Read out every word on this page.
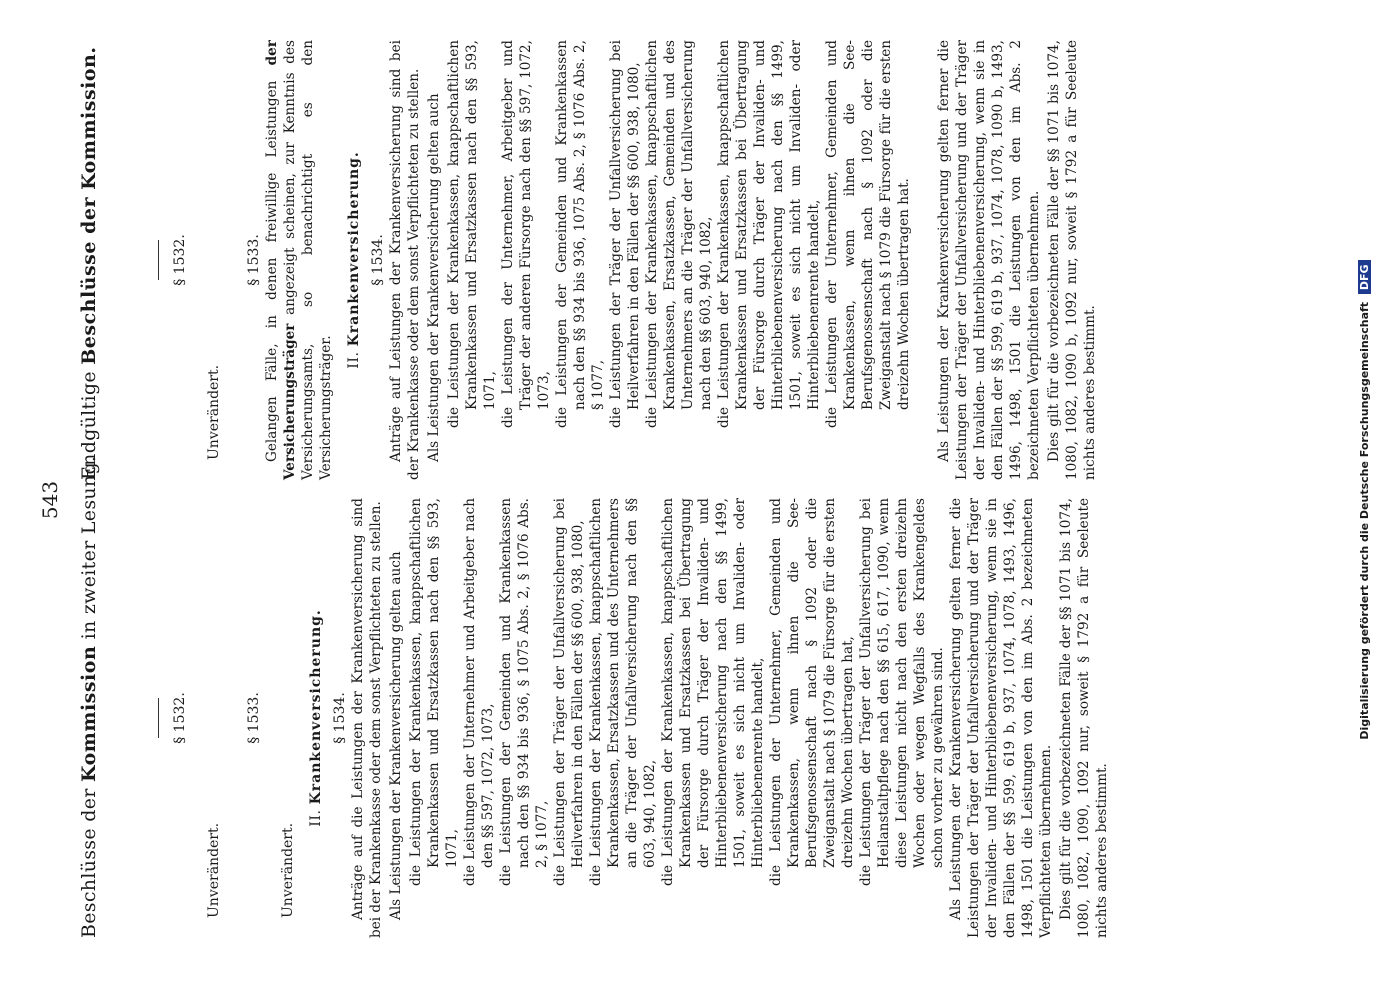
543
Beschlüsse der Kommission in zweiter Lesung.
§ 1532.
Unverändert.
§ 1533.
Unverändert.
II. Krankenversicherung. § 1534. Anträge auf die Leistungen der Krankenversicherung sind bei der Krankenkasse oder dem sonst Verpflichteten zu stellen. Als Leistungen der Krankenversicherung gelten auch die Leistungen der Krankenkassen, knappschaftlichen Krankenkassen und Ersatzkassen nach den §§ 593, 1071, die Leistungen der Unternehmer und Arbeitgeber nach den §§ 597, 1072, 1073, die Leistungen der Gemeinden und Krankenkassen nach den §§ 934 bis 936, § 1075 Abs. 2, § 1076 Abs. 2, § 1077, die Leistungen der Träger der Unfallversicherung bei Heilverfahren in den Fällen der §§ 600, 938, 1080, die Leistungen der Krankenkassen, knappschaftlichen Krankenkassen, Ersatzkassen und des Unternehmers an die Träger der Unfallversicherung nach den §§ 603, 940, 1082, die Leistungen der Krankenkassen, knappschaftlichen Krankenkassen und Ersatzkassen bei Übertragung der Fürsorge durch Träger der Invaliden- und Hinterbliebenenversicherung nach den §§ 1499, 1501, soweit es sich nicht um Invaliden- oder Hinterbliebenenrente handelt, die Leistungen der Unternehmer, Gemeinden und Krankenkassen, wenn ihnen die See-Berufsgenossenschaft nach § 1092 oder die Zweiganstalt nach § 1079 die Fürsorge für die ersten dreizehn Wochen übertragen hat, die Leistungen der Träger der Unfallversicherung bei Heilanstaltpflege nach den §§ 615, 617, 1090, wenn diese Leistungen nicht nach den ersten dreizehn Wochen oder wegen Wegfalls des Krankengeldes schon vorher zu gewähren sind. Als Leistungen der Krankenversicherung gelten ferner die Leistungen der Träger der Unfallversicherung und der Träger der Invaliden- und Hinterbliebenenversicherung, wenn sie in den Fällen der §§ 599, 619 b, 937, 1074, 1078, 1493, 1496, 1498, 1501 die Leistungen von den im Abs. 2 bezeichneten Verpflichteten übernehmen. Dies gilt für die vorbezeichneten Fälle der §§ 1071 bis 1074, 1080, 1082, 1090, 1092 nur, soweit § 1792 a für Seeleute nichts anderes bestimmt.

Endgültige Beschlüsse der Kommission.	§ 1532.
Unverändert.
§ 1533. Gelangen Fälle, in denen freiwillige Leistungen der Versicherungsträger angezeigt scheinen, zur Kenntnis des Versicherungsamts, so benachrichtigt es den Versicherungsträger. II. Krankenversicherung. § 1534. Anträge auf Leistungen der Krankenversicherung sind bei der Krankenkasse oder dem sonst Verpflichteten zu stellen. Als Leistungen der Krankenversicherung gelten auch die Leistungen der Krankenkassen, knappschaftlichen Krankenkassen und Ersatzkassen nach den §§ 593, 1071, die Leistungen der Unternehmer, Arbeitgeber und Träger der anderen Fürsorge nach den §§ 597, 1072, 1073, die Leistungen der Gemeinden und Krankenkassen nach den §§ 934 bis 936, 1075 Abs. 2, § 1076 Abs. 2, § 1077, die Leistungen der Träger der Unfallversicherung bei Heilverfahren in den Fällen der §§ 600, 938, 1080, die Leistungen der Krankenkassen, knappschaftlichen Krankenkassen, Ersatzkassen, Gemeinden und des Unternehmers an die Träger der Unfallversicherung nach den §§ 603, 940, 1082, die Leistungen der Krankenkassen, knappschaftlichen Krankenkassen und Ersatzkassen bei Übertragung der Fürsorge durch Träger der Invaliden- und Hinterbliebenenversicherung nach den §§ 1499, 1501, soweit es sich nicht um Invaliden- oder Hinterbliebenenrente handelt, die Leistungen der Unternehmer, Gemeinden und Krankenkassen, wenn ihnen die See-Berufsgenossenschaft nach § 1092 oder die Zweiganstalt nach § 1079 die Fürsorge für die ersten dreizehn Wochen übertragen hat. Als Leistungen der Krankenversicherung gelten ferner die Leistungen der Träger der Unfallversicherung und der Träger der Invaliden- und Hinterbliebenenversicherung, wenn sie in den Fällen der §§ 599, 619 b, 937, 1074, 1078, 1090 b, 1493, 1496, 1498, 1501 die Leistungen von den im Abs. 2 bezeichneten Verpflichteten übernehmen. Dies gilt für die vorbezeichneten Fälle der §§ 1071 bis 1074, 1080, 1082, 1090 b, 1092 nur, soweit § 1792 a für Seeleute nichts anderes bestimmt.	Digitalisierung gefördert durch die Deutsche Forschungsgemeinschaft DFG
